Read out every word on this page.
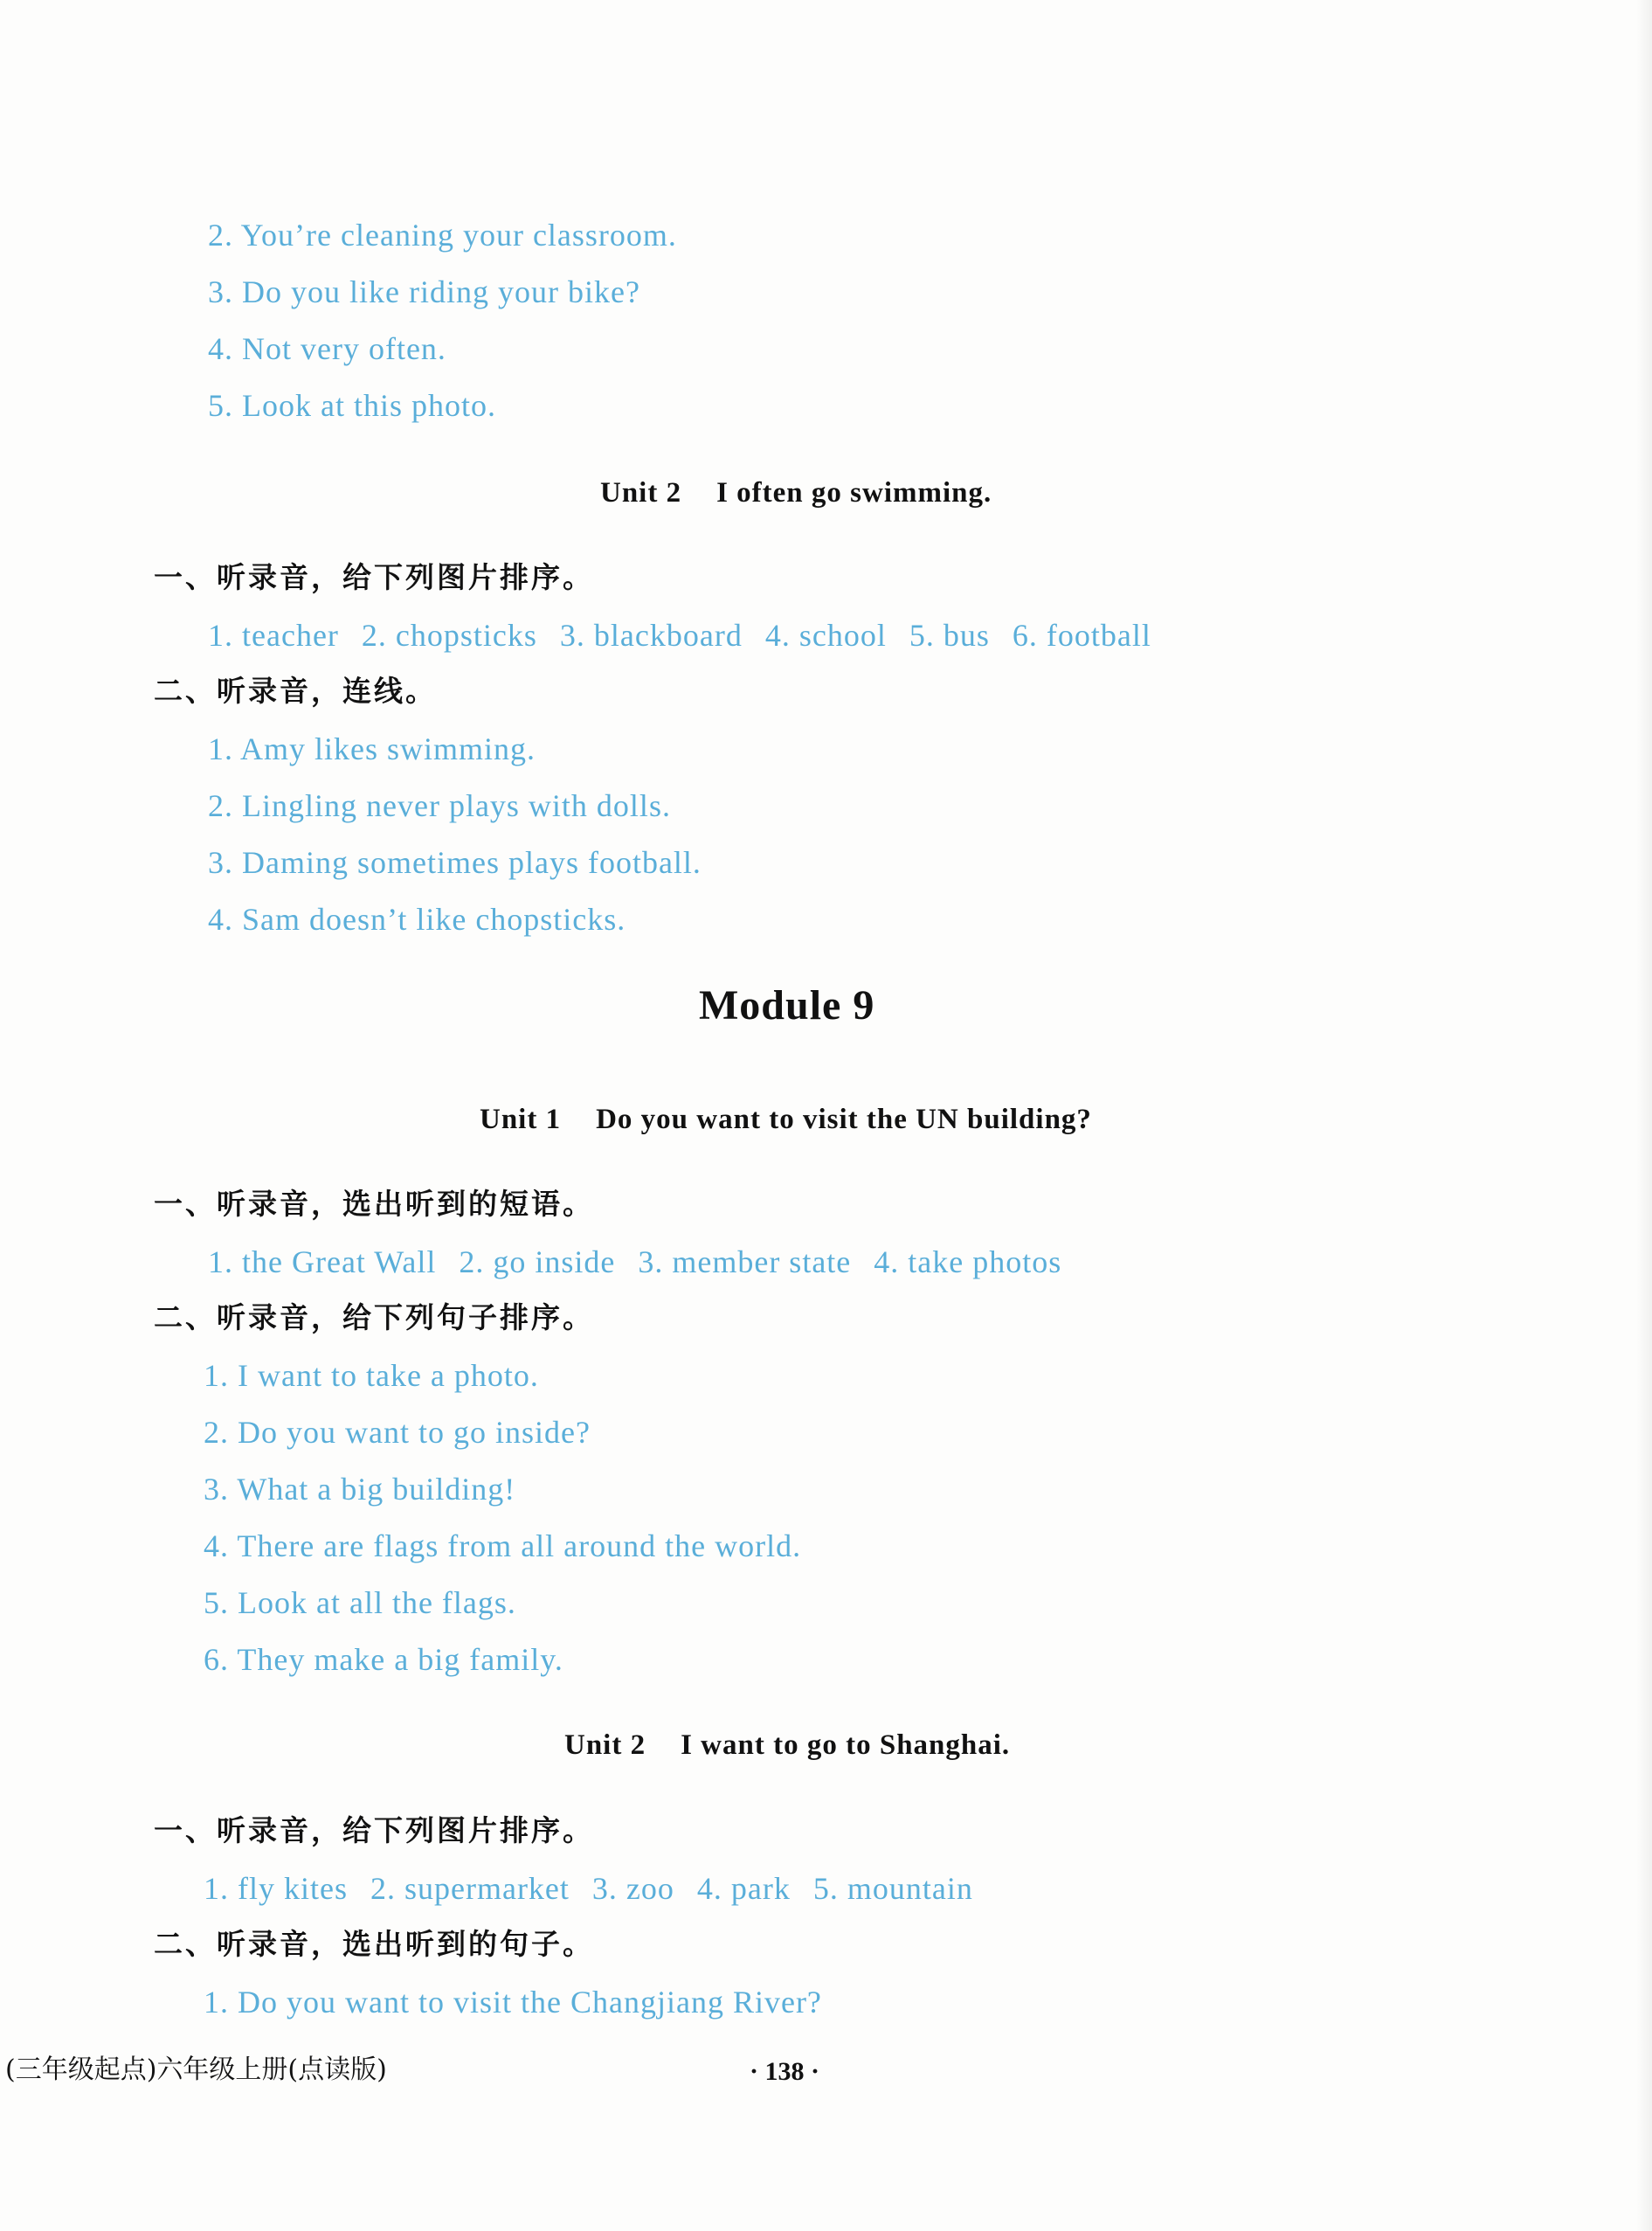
2. You’re cleaning your classroom.
3. Do you like riding your bike?
4. Not very often.
5. Look at this photo.
Unit 2 I often go swimming.
一、听录音，给下列图片排序。
1. teacher 2. chopsticks 3. blackboard 4. school 5. bus 6. football
二、听录音，连线。
1. Amy likes swimming.
2. Lingling never plays with dolls.
3. Daming sometimes plays football.
4. Sam doesn’t like chopsticks.
Module 9
Unit 1 Do you want to visit the UN building?
一、听录音，选出听到的短语。
1. the Great Wall 2. go inside 3. member state 4. take photos
二、听录音，给下列句子排序。
1. I want to take a photo.
2. Do you want to go inside?
3. What a big building!
4. There are flags from all around the world.
5. Look at all the flags.
6. They make a big family.
Unit 2 I want to go to Shanghai.
一、听录音，给下列图片排序。
1. fly kites 2. supermarket 3. zoo 4. park 5. mountain
二、听录音，选出听到的句子。
1. Do you want to visit the Changjiang River?
(三年级起点)六年级上册(点读版)	· 138 ·
